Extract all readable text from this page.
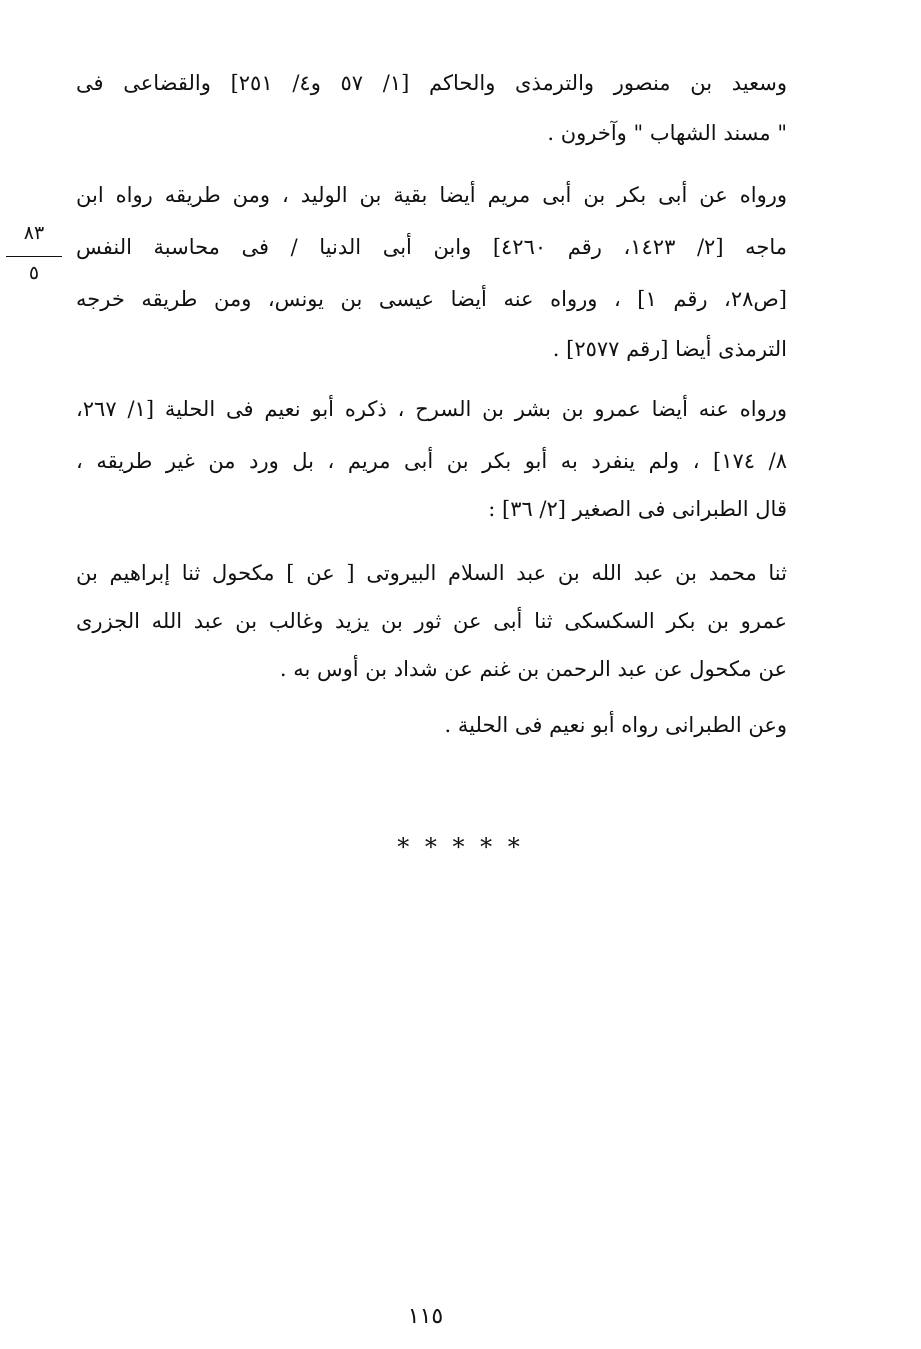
وسعيد بن منصور والترمذى والحاكم [١/ ٥٧ و٤/ ٢٥١] والقضاعى فى
" مسند الشهاب " وآخرون .
ورواه عن أبى بكر بن أبى مريم أيضا بقية بن الوليد ، ومن طريقه رواه ابن
ماجه [٢/ ١٤٢٣، رقم ٤٢٦٠] وابن أبى الدنيا / فى محاسبة النفس
[ص٢٨، رقم ١] ، ورواه عنه أيضا عيسى بن يونس، ومن طريقه خرجه
الترمذى أيضا [رقم ٢٥٧٧] .
ورواه عنه أيضا عمرو بن بشر بن السرح ، ذكره أبو نعيم فى الحلية [١/ ٢٦٧،
٨/ ١٧٤] ، ولم ينفرد به أبو بكر بن أبى مريم ، بل ورد من غير طريقه ،
قال الطبرانى فى الصغير [٢/ ٣٦] :
ثنا محمد بن عبد الله بن عبد السلام البيروتى [ عن ] مكحول ثنا إبراهيم بن
عمرو بن بكر السكسكى ثنا أبى عن ثور بن يزيد وغالب بن عبد الله الجزرى
عن مكحول عن عبد الرحمن بن غنم عن شداد بن أوس به .
وعن الطبرانى رواه أبو نعيم فى الحلية .
٨٣
٥
* * * * *
١١٥
